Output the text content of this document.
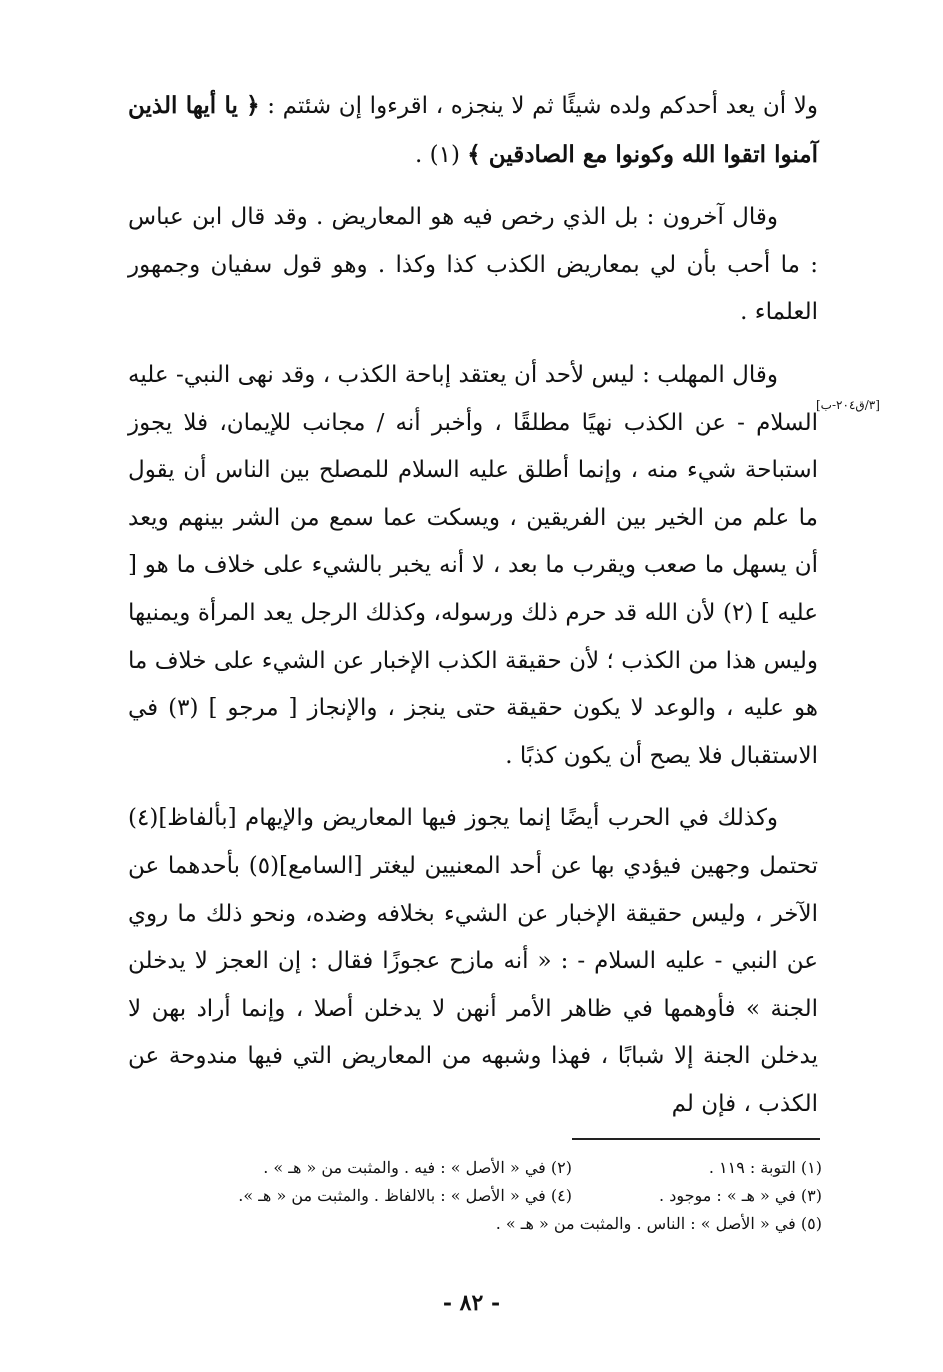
ولا أن يعد أحدكم ولده شيئًا ثم لا ينجزه ، اقرءوا إن شئتم : ﴿ يا أيها الذين آمنوا اتقوا الله وكونوا مع الصادقين ﴾ (١) .

وقال آخرون : بل الذي رخص فيه هو المعاريض . وقد قال ابن عباس : ما أحب بأن لي بمعاريض الكذب كذا وكذا . وهو قول سفيان وجمهور العلماء .

وقال المهلب : ليس لأحد أن يعتقد إباحة الكذب ، وقد نهى النبي- عليه السلام - عن الكذب نهيًا مطلقًا ، وأخبر أنه / مجانب للإيمان، فلا يجوز استباحة شيء منه ، وإنما أطلق عليه السلام للمصلح بين الناس أن يقول ما علم من الخير بين الفريقين ، ويسكت عما سمع من الشر بينهم ويعد أن يسهل ما صعب ويقرب ما بعد ، لا أنه يخبر بالشيء على خلاف ما هو [ عليه ] (٢) لأن الله قد حرم ذلك ورسوله، وكذلك الرجل يعد المرأة ويمنيها وليس هذا من الكذب ؛ لأن حقيقة الكذب الإخبار عن الشيء على خلاف ما هو عليه ، والوعد لا يكون حقيقة حتى ينجز ، والإنجاز [ مرجو ] (٣) في الاستقبال فلا يصح أن يكون كذبًا .

وكذلك في الحرب أيضًا إنما يجوز فيها المعاريض والإيهام [بألفاظ](٤) تحتمل وجهين فيؤدي بها عن أحد المعنيين ليغتر [السامع](٥) بأحدهما عن الآخر ، وليس حقيقة الإخبار عن الشيء بخلافه وضده، ونحو ذلك ما روي عن النبي - عليه السلام - : « أنه مازح عجوزًا فقال : إن العجز لا يدخلن الجنة » فأوهمها في ظاهر الأمر أنهن لا يدخلن أصلا ، وإنما أراد بهن لا يدخلن الجنة إلا شبابًا ، فهذا وشبهه من المعاريض التي فيها مندوحة عن الكذب ، فإن لم

[٣/ق٢٠٤-ب]
(١) التوبة : ١١٩ .
(٢) في « الأصل » : فيه . والمثبت من « هـ » .
(٣) في « هـ » : موجود .
(٤) في « الأصل » : بالالفاظ . والمثبت من « هـ ».
(٥) في « الأصل » : الناس . والمثبت من « هـ » .
- ٨٢ -
